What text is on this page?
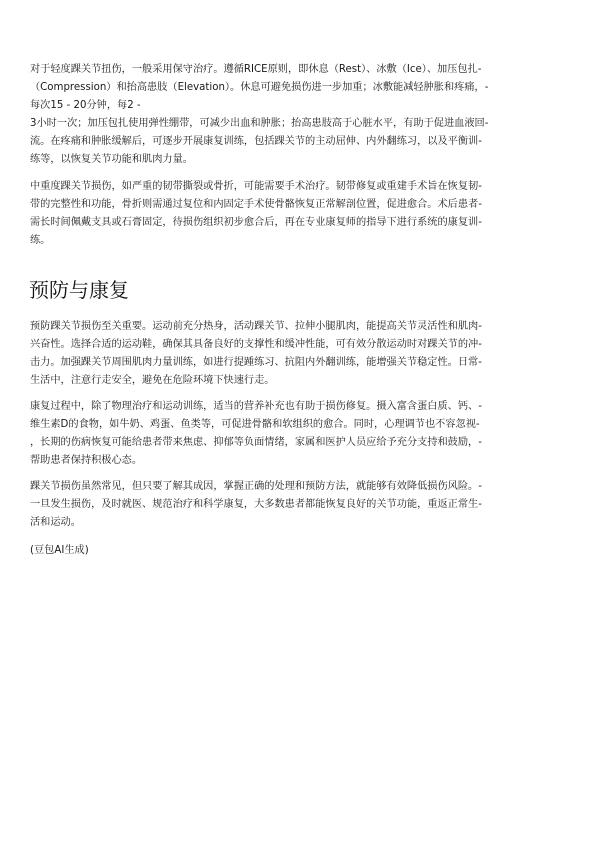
对于轻度踝关节扭伤，一般采用保守治疗。遵循RICE原则，即休息（Rest）、冰敷（Ice）、加压包扎-
（Compression）和抬高患肢（Elevation）。休息可避免损伤进一步加重；冰敷能减轻肿胀和疼痛，-
每次15 - 20分钟，每2 -
3小时一次；加压包扎使用弹性绷带，可减少出血和肿胀；抬高患肢高于心脏水平，有助于促进血液回-
流。在疼痛和肿胀缓解后，可逐步开展康复训练，包括踝关节的主动屈伸、内外翻练习，以及平衡训-
练等，以恢复关节功能和肌肉力量。

中重度踝关节损伤，如严重的韧带撕裂或骨折，可能需要手术治疗。韧带修复或重建手术旨在恢复韧-
带的完整性和功能，骨折则需通过复位和内固定手术使骨骼恢复正常解剖位置，促进愈合。术后患者-
需长时间佩戴支具或石膏固定，待损伤组织初步愈合后，再在专业康复师的指导下进行系统的康复训-
练。

预防与康复

预防踝关节损伤至关重要。运动前充分热身，活动踝关节、拉伸小腿肌肉，能提高关节灵活性和肌肉-
兴奋性。选择合适的运动鞋，确保其具备良好的支撑性和缓冲性能，可有效分散运动时对踝关节的冲-
击力。加强踝关节周围肌肉力量训练，如进行提踵练习、抗阻内外翻训练，能增强关节稳定性。日常-
生活中，注意行走安全，避免在危险环境下快速行走。

康复过程中，除了物理治疗和运动训练，适当的营养补充也有助于损伤修复。摄入富含蛋白质、钙、-
维生素D的食物，如牛奶、鸡蛋、鱼类等，可促进骨骼和软组织的愈合。同时，心理调节也不容忽视-
，长期的伤病恢复可能给患者带来焦虑、抑郁等负面情绪，家属和医护人员应给予充分支持和鼓励，-
帮助患者保持积极心态。

踝关节损伤虽然常见，但只要了解其成因，掌握正确的处理和预防方法，就能够有效降低损伤风险。-
一旦发生损伤，及时就医、规范治疗和科学康复，大多数患者都能恢复良好的关节功能，重返正常生-
活和运动。

(豆包AI生成)
